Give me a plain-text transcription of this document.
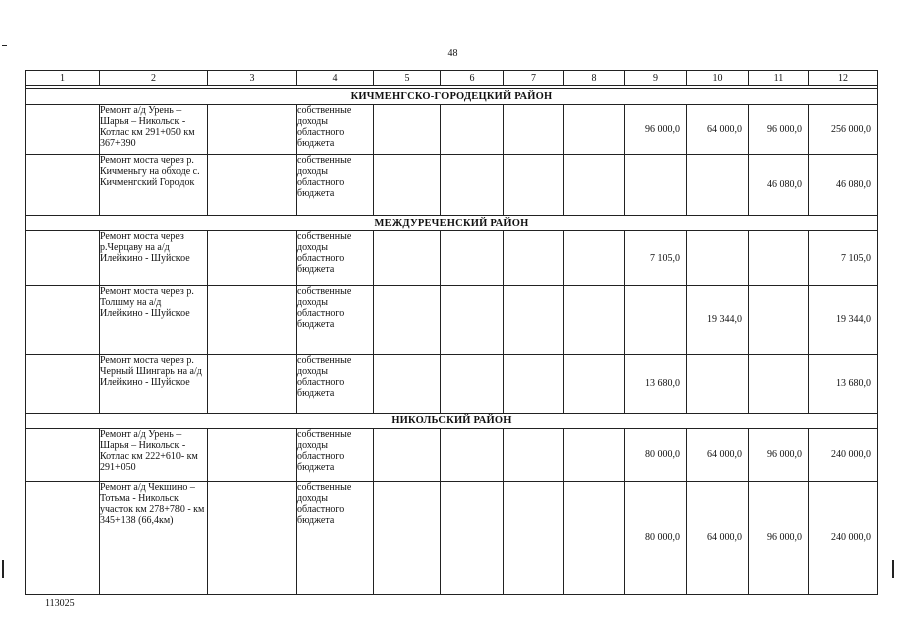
48
1	2	3	4	5	6	7	8	9	10	11	12

КИЧМЕНГСКО-ГОРОДЕЦКИЙ РАЙОН											
	Ремонт а/д Урень – Шарья – Никольск - Котлас км 291+050 км 367+390		собственные доходы областного бюджета					96 000,0	64 000,0	96 000,0	256 000,0
	Ремонт моста через р. Кичменьгу на обходе с. Кичменгский Городок		собственные доходы областного бюджета							46 080,0	46 080,0
МЕЖДУРЕЧЕНСКИЙ РАЙОН											
	Ремонт моста через р.Черцаву на а/д Илейкино - Шуйское		собственные доходы областного бюджета					7 105,0			7 105,0
	Ремонт моста через р. Толшму на а/д Илейкино - Шуйское		собственные доходы областного бюджета						19 344,0		19 344,0
	Ремонт моста через р. Черный Шингарь на а/д Илейкино - Шуйское		собственные доходы областного бюджета					13 680,0			13 680,0
НИКОЛЬСКИЙ РАЙОН											
	Ремонт а/д Урень – Шарья – Никольск - Котлас км 222+610- км 291+050		собственные доходы областного бюджета					80 000,0	64 000,0	96 000,0	240 000,0
	Ремонт а/д Чекшино – Тотьма - Никольск участок км 278+780 - км 345+138 (66,4км)		собственные доходы областного бюджета					80 000,0	64 000,0	96 000,0	240 000,0
113025
